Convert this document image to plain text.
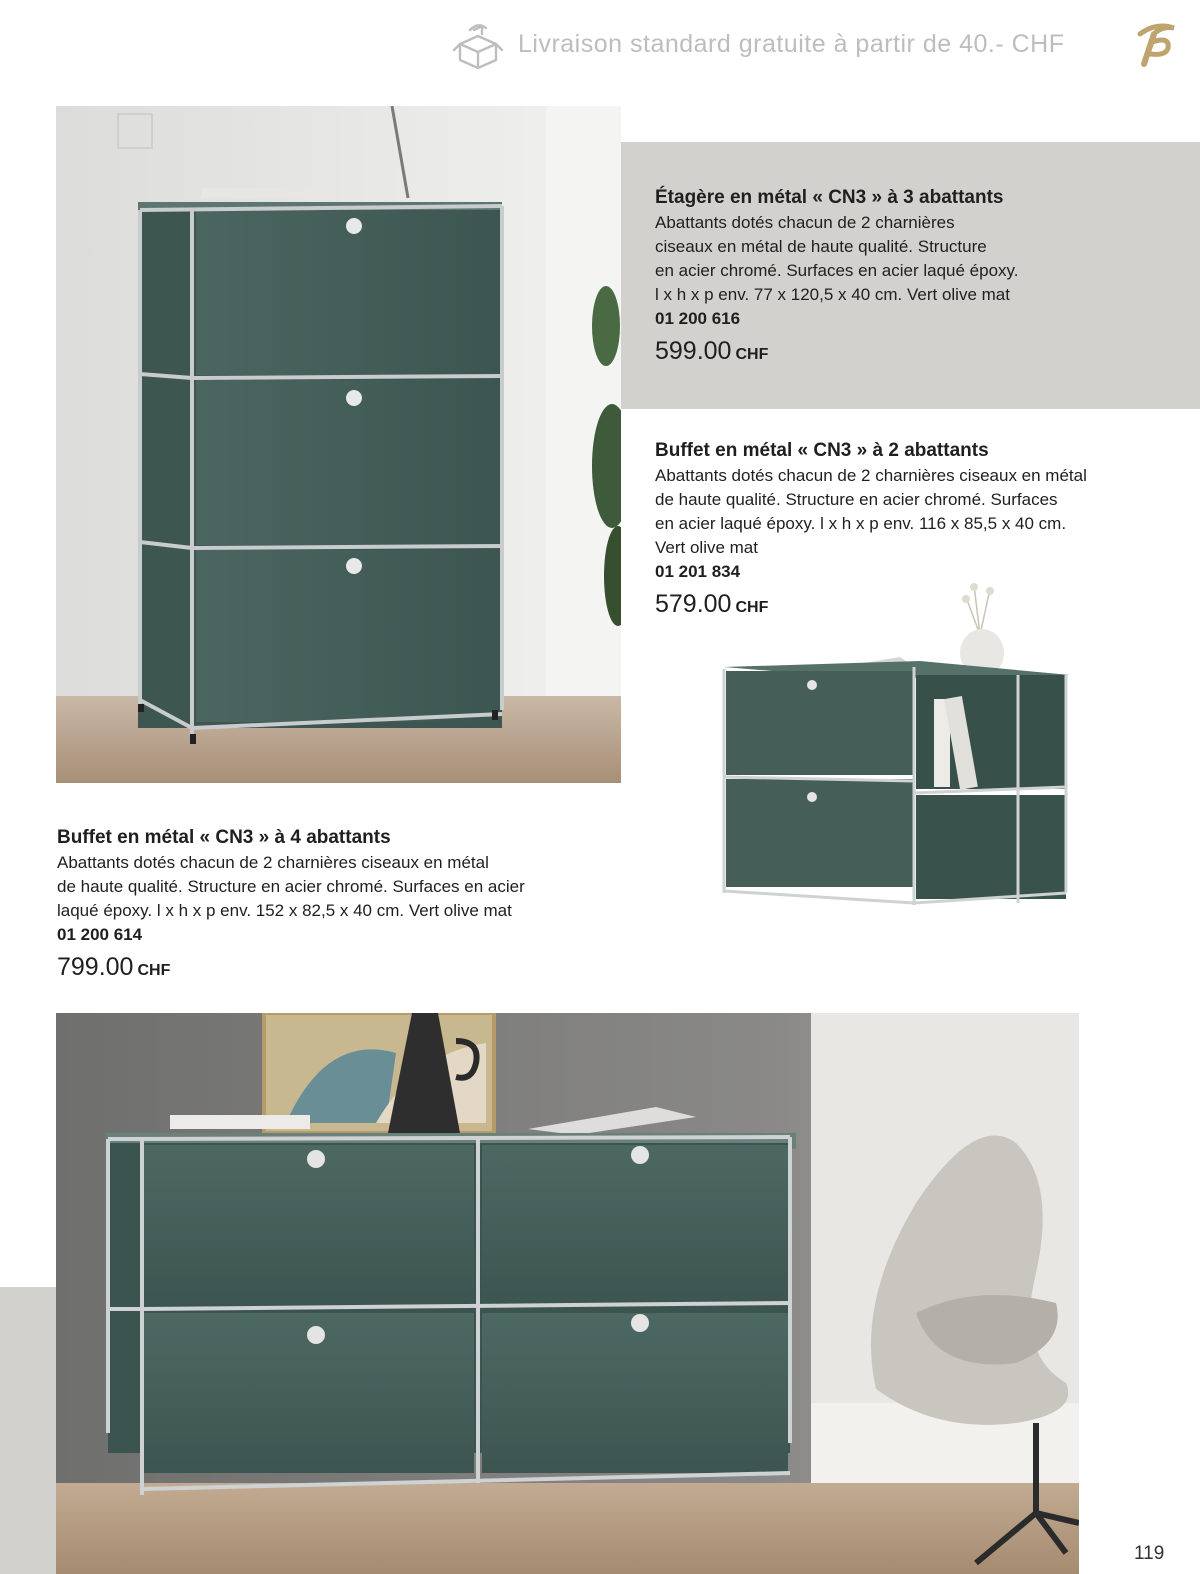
Livraison standard gratuite à partir de 40.- CHF
Étagère en métal « CN3 » à 3 abattants
Abattants dotés chacun de 2 charnières
ciseaux en métal de haute qualité. Structure
en acier chromé. Surfaces en acier laqué époxy.
l x h x p env. 77 x 120,5 x 40 cm. Vert olive mat
01 200 616
599.00 CHF
Buffet en métal « CN3 » à 2 abattants
Abattants dotés chacun de 2 charnières ciseaux en métal
de haute qualité. Structure en acier chromé. Surfaces
en acier laqué époxy. l x h x p env. 116 x 85,5 x 40 cm.
Vert olive mat
01 201 834
579.00 CHF
Buffet en métal « CN3 » à 4 abattants
Abattants dotés chacun de 2 charnières ciseaux en métal
de haute qualité. Structure en acier chromé. Surfaces en acier
laqué époxy. l x h x p env. 152 x 82,5 x 40 cm. Vert olive mat
01 200 614
799.00 CHF
119
